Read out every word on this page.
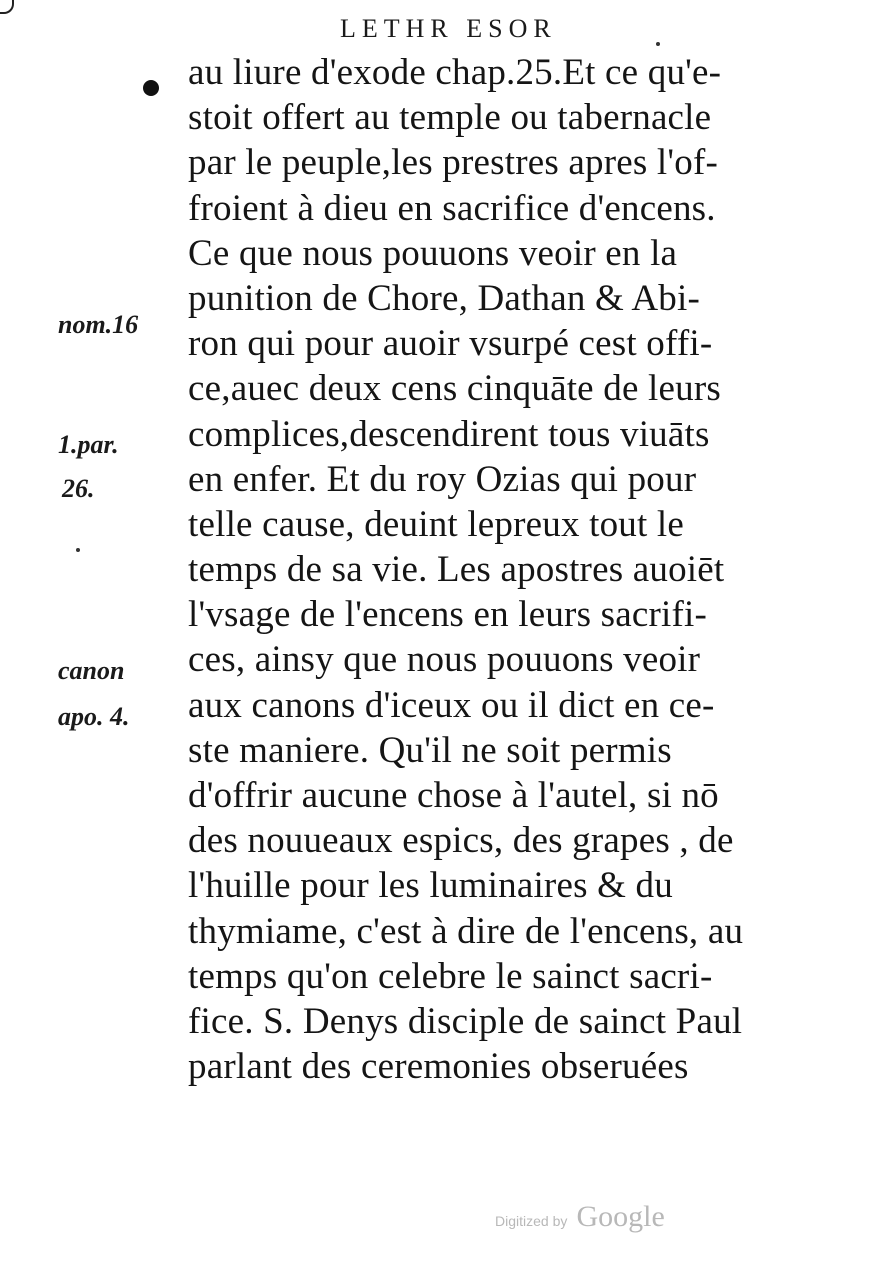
LETHR ESOR
nom.16
1.par.
26.
canon
apo. 4.
au liure d'exode chap.25.Et ce qu'e-
stoit offert au temple ou tabernacle
par le peuple,les prestres apres l'of-
froient à dieu en sacrifice d'encens.
Ce que nous pouuons veoir en la
punition de Chore, Dathan & Abi-
ron qui pour auoir vsurpé cest offi-
ce,auec deux cens cinquāte de leurs
complices,descendirent tous viuāts
en enfer. Et du roy Ozias qui pour
telle cause, deuint lepreux tout le
temps de sa vie. Les apostres auoiēt
l'vsage de l'encens en leurs sacrifi-
ces, ainsy que nous pouuons veoir
aux canons d'iceux ou il dict en ce-
ste maniere. Qu'il ne soit permis
d'offrir aucune chose à l'autel, si nō
des nouueaux espics, des grapes , de
l'huille pour les luminaires & du
thymiame, c'est à dire de l'encens, au
temps qu'on celebre le sainct sacri-
fice. S. Denys disciple de sainct Paul
parlant des ceremonies obseruées
Digitized by Google
